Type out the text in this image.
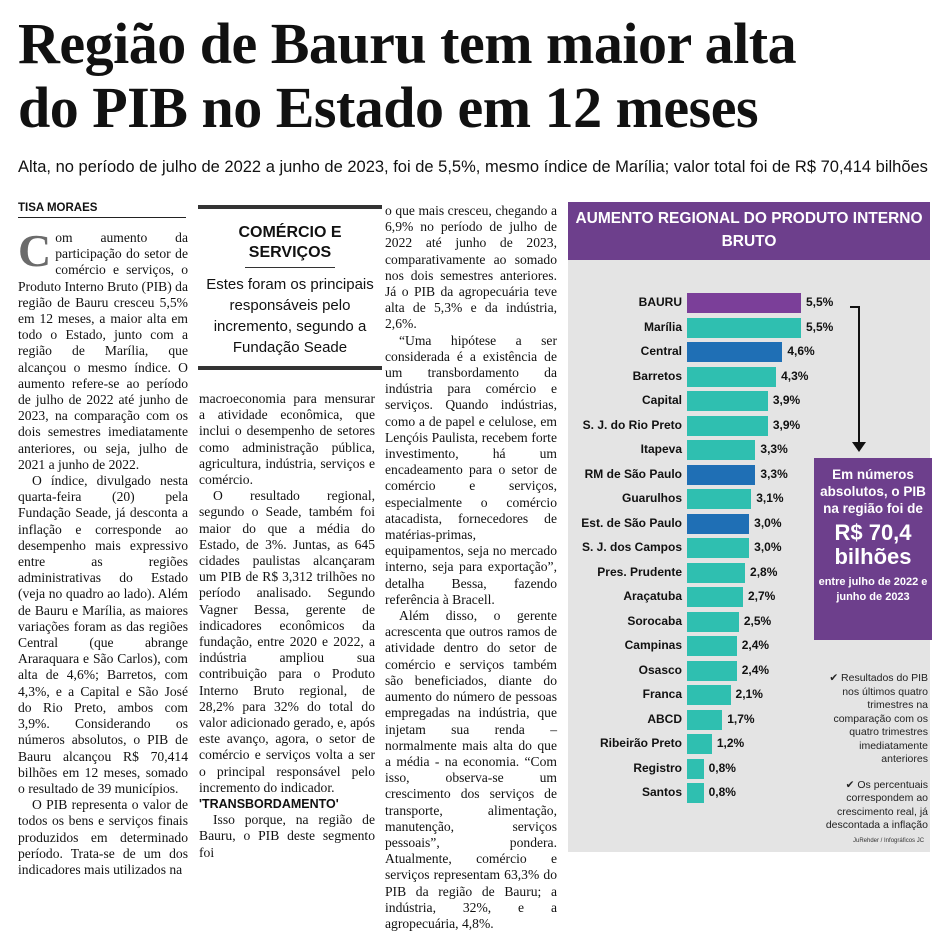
Região de Bauru tem maior alta
do PIB no Estado em 12 meses
Alta, no período de julho de 2022 a junho de 2023, foi de 5,5%, mesmo índice de Marília; valor total foi de R$ 70,414 bilhões
TISA MORAES

Com aumento da participação do setor de comércio e serviços, o Produto Interno Bruto (PIB) da região de Bauru cresceu 5,5% em 12 meses, a maior alta em todo o Estado, junto com a região de Marília, que alcançou o mesmo índice. O aumento refere-se ao período de julho de 2022 até junho de 2023, na comparação com os dois semestres imediatamente anteriores, ou seja, julho de 2021 a junho de 2022.

O índice, divulgado nesta quarta-feira (20) pela Fundação Seade, já desconta a inflação e corresponde ao desempenho mais expressivo entre as regiões administrativas do Estado (veja no quadro ao lado). Além de Bauru e Marília, as maiores variações foram as das regiões Central (que abrange Araraquara e São Carlos), com alta de 4,6%; Barretos, com 4,3%, e a Capital e São José do Rio Preto, ambos com 3,9%. Considerando os números absolutos, o PIB de Bauru alcançou R$ 70,414 bilhões em 12 meses, somado o resultado de 39 municípios.

O PIB representa o valor de todos os bens e serviços finais produzidos em determinado período. Trata-se de um dos indicadores mais utilizados na

COMÉRCIO E SERVIÇOS
Estes foram os principais responsáveis pelo incremento, segundo a Fundação Seade

macroeconomia para mensurar a atividade econômica, que inclui o desempenho de setores como administração pública, agricultura, indústria, serviços e comércio.

O resultado regional, segundo o Seade, também foi maior do que a média do Estado, de 3%. Juntas, as 645 cidades paulistas alcançaram um PIB de R$ 3,312 trilhões no período analisado. Segundo Vagner Bessa, gerente de indicadores econômicos da fundação, entre 2020 e 2022, a indústria ampliou sua contribuição para o Produto Interno Bruto regional, de 28,2% para 32% do total do valor adicionado gerado, e, após este avanço, agora, o setor de comércio e serviços volta a ser o principal responsável pelo incremento do indicador.

'TRANSBORDAMENTO'

Isso porque, na região de Bauru, o PIB deste segmento foi

o que mais cresceu, chegando a 6,9% no período de julho de 2022 até junho de 2023, comparativamente ao somado nos dois semestres anteriores. Já o PIB da agropecuária teve alta de 5,3% e da indústria, 2,6%.

“Uma hipótese a ser considerada é a existência de um transbordamento da indústria para comércio e serviços. Quando indústrias, como a de papel e celulose, em Lençóis Paulista, recebem forte investimento, há um encadeamento para o setor de comércio e serviços, especialmente o comércio atacadista, fornecedores de matérias-primas, equipamentos, seja no mercado interno, seja para exportação”, detalha Bessa, fazendo referência à Bracell.

Além disso, o gerente acrescenta que outros ramos de atividade dentro do setor de comércio e serviços também são beneficiados, diante do aumento do número de pessoas empregadas na indústria, que injetam sua renda – normalmente mais alta do que a média - na economia. “Com isso, observa-se um crescimento dos serviços de transporte, alimentação, manutenção, serviços pessoais”, pondera. Atualmente, comércio e serviços representam 63,3% do PIB da região de Bauru; a indústria, 32%, e a agropecuária, 4,8%.

AUMENTO REGIONAL DO PRODUTO INTERNO BRUTO
BAURU	5,5%
Marília	5,5%
Central	4,6%
Barretos	4,3%
Capital	3,9%
S. J. do Rio Preto	3,9%
Itapeva	3,3%
RM de São Paulo	3,3%
Guarulhos	3,1%
Est. de São Paulo	3,0%
S. J. dos Campos	3,0%
Pres. Prudente	2,8%
Araçatuba	2,7%
Sorocaba	2,5%
Campinas	2,4%
Osasco	2,4%
Franca	2,1%
ABCD	1,7%
Ribeirão Preto	1,2%
Registro 0,8%
Santos 0,8%
Em números absolutos, o PIB na região foi de
R$ 70,4 bilhões
entre julho de 2022 e junho de 2023
✔ Resultados do PIB nos últimos quatro trimestres na comparação com os quatro trimestres imediatamente anteriores
✔ Os percentuais correspondem ao crescimento real, já descontada a inflação
JuRehder / Infográficos JC
